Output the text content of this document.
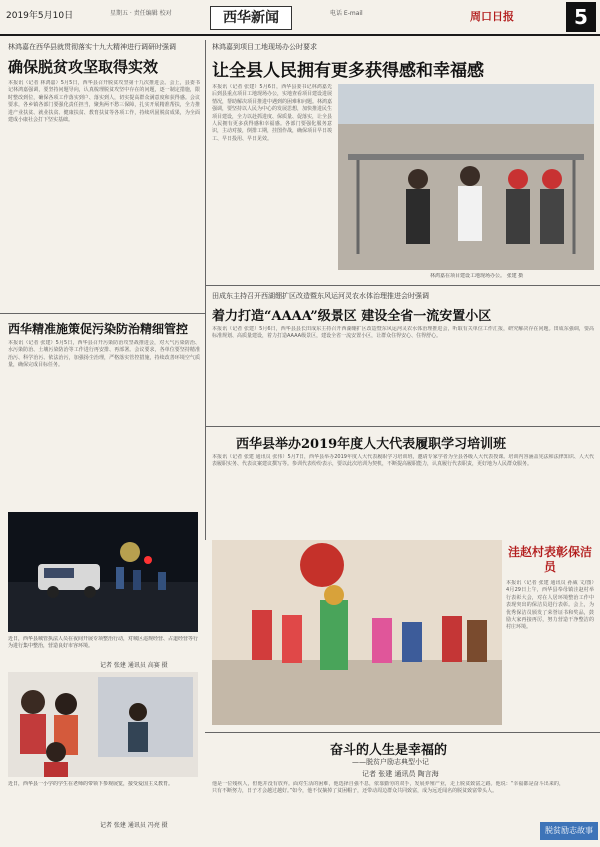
2019年5月10日	星期五 · 责任编辑 校对	西华新闻	电话 E-mail	周口日报	5
林鸿嘉在西华县就贯彻落实十九大精神进行调研时强调
确保脱贫攻坚取得实效
本报讯（记者 林鸿嘉）5月5日，西华县召开脱贫攻坚第十九次推进会。会上，县委书记林鸿嘉强调，要坚持问题导向，认真梳理脱贫攻坚中存在的问题，逐一制定措施，限时整改到位，确保各项工作落实到户、落实到人，切实提高群众满意度和获得感。会议要求，各乡镇各部门要强化责任担当，聚焦两不愁三保障，扎实开展精准帮扶，全力推进产业扶贫、就业扶贫、健康扶贫、教育扶贫等各项工作，持续巩固脱贫成果，为全面建成小康社会打下坚实基础。
西华精准施策促污染防治精细管控
本报讯（记者 张建）5月5日，西华县召开污染防治攻坚战推进会，对大气污染防治、水污染防治、土壤污染防治等工作进行再安排、再部署。会议要求，各单位要坚持精准治污、科学治污、依法治污，加强扬尘治理，严格落实管控措施，持续改善环境空气质量，确保完成目标任务。
近日，西华县城管执法人员在夜间开展专项整治行动，对城区违规经营、占道经营等行为进行集中整治，营造良好市容环境。
记者 张建 通讯员 高赛 摄
近日，西华县一小学的学生在老师的带领下参观展览，接受爱国主义教育。
记者 张建 通讯员 冯亮 摄
林鸿嘉到项目工地现场办公时要求
让全县人民拥有更多获得感和幸福感
本报讯（记者 张建）5月6日，西华县委书记林鸿嘉先后到县重点项目工地现场办公，实地查看项目建设进展情况，帮助解决项目推进中遇到的困难和问题。林鸿嘉强调，要坚持以人民为中心的发展思想，加快推进民生项目建设，全力以赴抓进度、保质量、促落实，让全县人民拥有更多获得感和幸福感。各部门要强化服务意识，主动对接，倒排工期，挂图作战，确保项目早日竣工、早日投用、早日见效。
林鸿嘉在项目建设工地现场办公。 张建 摄
田成东主持召开西湖绷扩区改造暨东风运河灵农水体治理推进会时强调
着力打造“AAAA”级景区 建设全省一流安置小区
本报讯（记者 张建）5月6日，西华县县长田成东主持召开西湖绷扩区改造暨东风运河灵农水体治理推进会，听取有关单位工作汇报，研究解决存在问题。田成东强调，要高标准规划、高质量建设，着力打造AAAA级景区，建设全省一流安置小区，让群众住得安心、住得舒心。
西华县举办2019年度人大代表履职学习培训班
本报讯（记者 张建 通讯员 张伟）5月7日，西华县举办2019年度人大代表履职学习培训班，邀请专家学者为全县各级人大代表授课。培训内容涵盖宪法和法律知识、人大代表履职实务、代表议案建议撰写等。参训代表纷纷表示，要以此次培训为契机，不断提高履职能力，认真履行代表职责，更好地为人民群众服务。
洼赵村表彰保洁员
本报讯（记者 张建 通讯员 孙威 文/图）4月29日上午，西华县奉母镇洼赵村举行表彰大会，对在人居环境整治工作中表现突出的保洁员进行表彰。会上，为优秀保洁员颁发了荣誉证书和奖品，鼓励大家再接再厉，努力营造干净整洁的村庄环境。
奋斗的人生是幸福的
——脱贫户励志典型小记
记者 张建 通讯员 陶言海
他是一位残疾人，但他并没有放弃。面对生活的困难，他选择自强不息，依靠勤劳的双手，发展养殖产业，走上脱贫致富之路。他说：“幸福都是奋斗出来的，只有不断努力，日子才会越过越好。”如今，他不仅摘掉了贫困帽子，还带动周边群众共同致富，成为远近闻名的脱贫致富带头人。
脱贫励志故事
